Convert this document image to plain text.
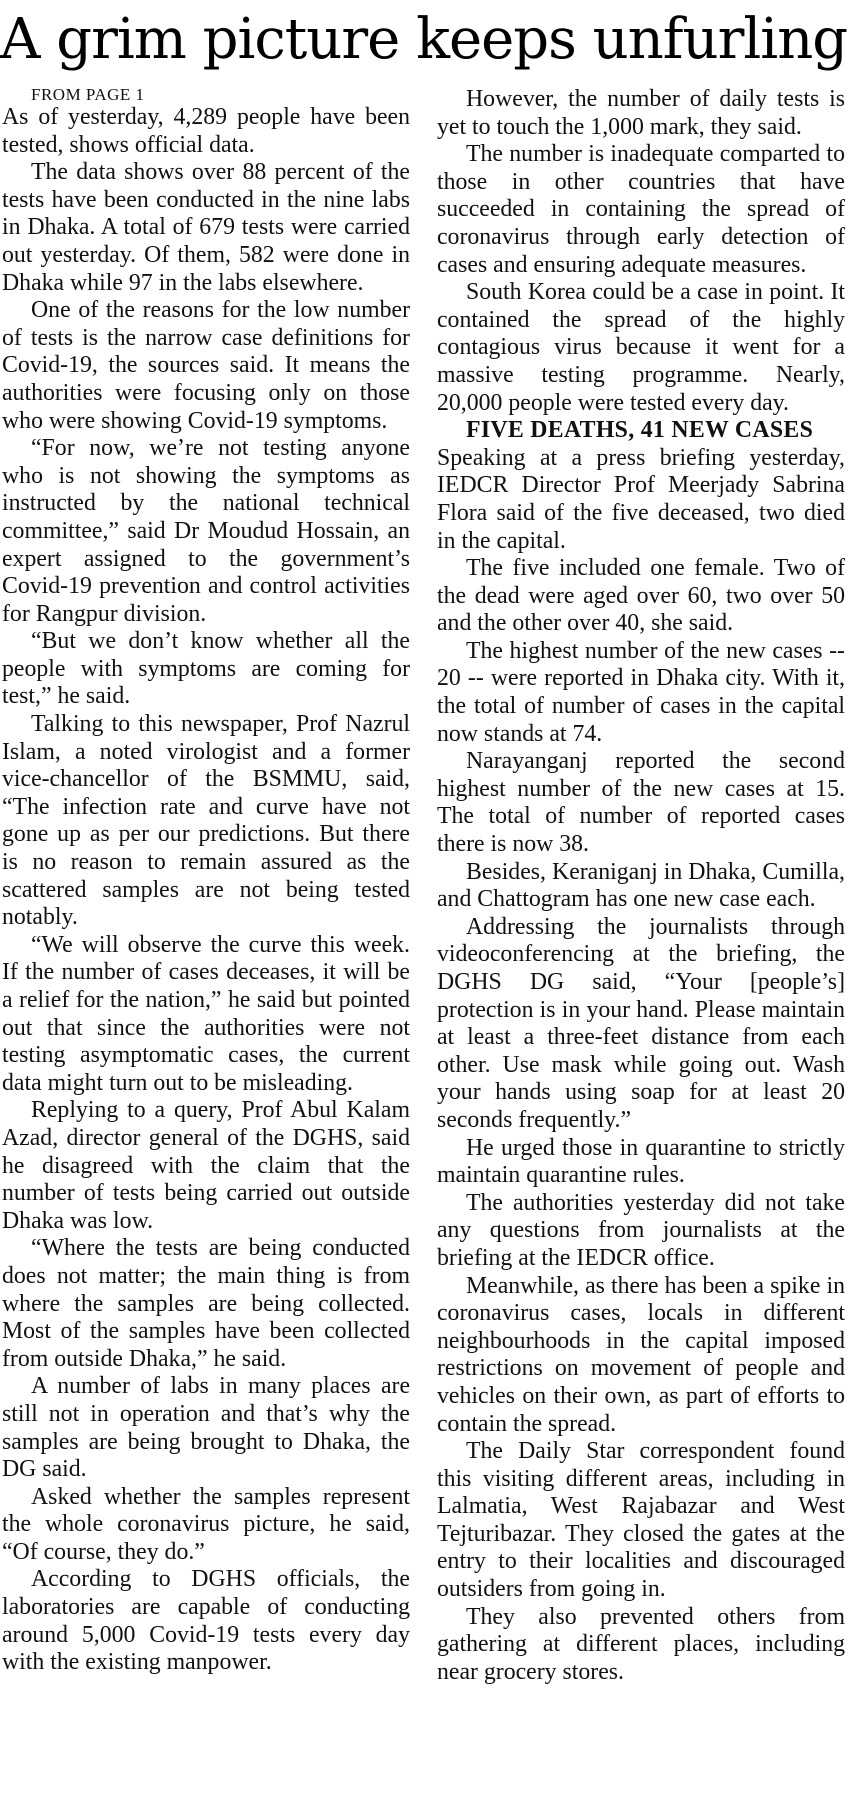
A grim picture keeps unfurling

FROM PAGE 1

As of yesterday, 4,289 people have been tested, shows official data.

The data shows over 88 percent of the tests have been conducted in the nine labs in Dhaka. A total of 679 tests were carried out yesterday. Of them, 582 were done in Dhaka while 97 in the labs elsewhere.

One of the reasons for the low number of tests is the narrow case definitions for Covid-19, the sources said. It means the authorities were focusing only on those who were showing Covid-19 symptoms.

“For now, we’re not testing anyone who is not showing the symptoms as instructed by the national technical committee,” said Dr Moudud Hossain, an expert assigned to the government’s Covid-19 prevention and control activities for Rangpur division.

“But we don’t know whether all the people with symptoms are coming for test,” he said.

Talking to this newspaper, Prof Nazrul Islam, a noted virologist and a former vice-chancellor of the BSMMU, said, “The infection rate and curve have not gone up as per our predictions. But there is no reason to remain assured as the scattered samples are not being tested notably.

“We will observe the curve this week. If the number of cases deceases, it will be a relief for the nation,” he said but pointed out that since the authorities were not testing asymptomatic cases, the current data might turn out to be misleading.

Replying to a query, Prof Abul Kalam Azad, director general of the DGHS, said he disagreed with the claim that the number of tests being carried out outside Dhaka was low.

“Where the tests are being conducted does not matter; the main thing is from where the samples are being collected. Most of the samples have been collected from outside Dhaka,” he said.

A number of labs in many places are still not in operation and that’s why the samples are being brought to Dhaka, the DG said.

Asked whether the samples represent the whole coronavirus picture, he said, “Of course, they do.”

According to DGHS officials, the laboratories are capable of conducting around 5,000 Covid-19 tests every day with the existing manpower.

However, the number of daily tests is yet to touch the 1,000 mark, they said.

The number is inadequate comparted to those in other countries that have succeeded in containing the spread of coronavirus through early detection of cases and ensuring adequate measures.

South Korea could be a case in point. It contained the spread of the highly contagious virus because it went for a massive testing programme. Nearly, 20,000 people were tested every day.

FIVE DEATHS, 41 NEW CASES

Speaking at a press briefing yesterday, IEDCR Director Prof Meerjady Sabrina Flora said of the five deceased, two died in the capital.

The five included one female. Two of the dead were aged over 60, two over 50 and the other over 40, she said.

The highest number of the new cases -- 20 -- were reported in Dhaka city. With it, the total of number of cases in the capital now stands at 74.

Narayanganj reported the second highest number of the new cases at 15. The total of number of reported cases there is now 38.

Besides, Keraniganj in Dhaka, Cumilla, and Chattogram has one new case each.

Addressing the journalists through videoconferencing at the briefing, the DGHS DG said, “Your [people’s] protection is in your hand. Please maintain at least a three-feet distance from each other. Use mask while going out. Wash your hands using soap for at least 20 seconds frequently.”

He urged those in quarantine to strictly maintain quarantine rules.

The authorities yesterday did not take any questions from journalists at the briefing at the IEDCR office.

Meanwhile, as there has been a spike in coronavirus cases, locals in different neighbourhoods in the capital imposed restrictions on movement of people and vehicles on their own, as part of efforts to contain the spread.

The Daily Star correspondent found this visiting different areas, including in Lalmatia, West Rajabazar and West Tejturibazar. They closed the gates at the entry to their localities and discouraged outsiders from going in.

They also prevented others from gathering at different places, including near grocery stores.
